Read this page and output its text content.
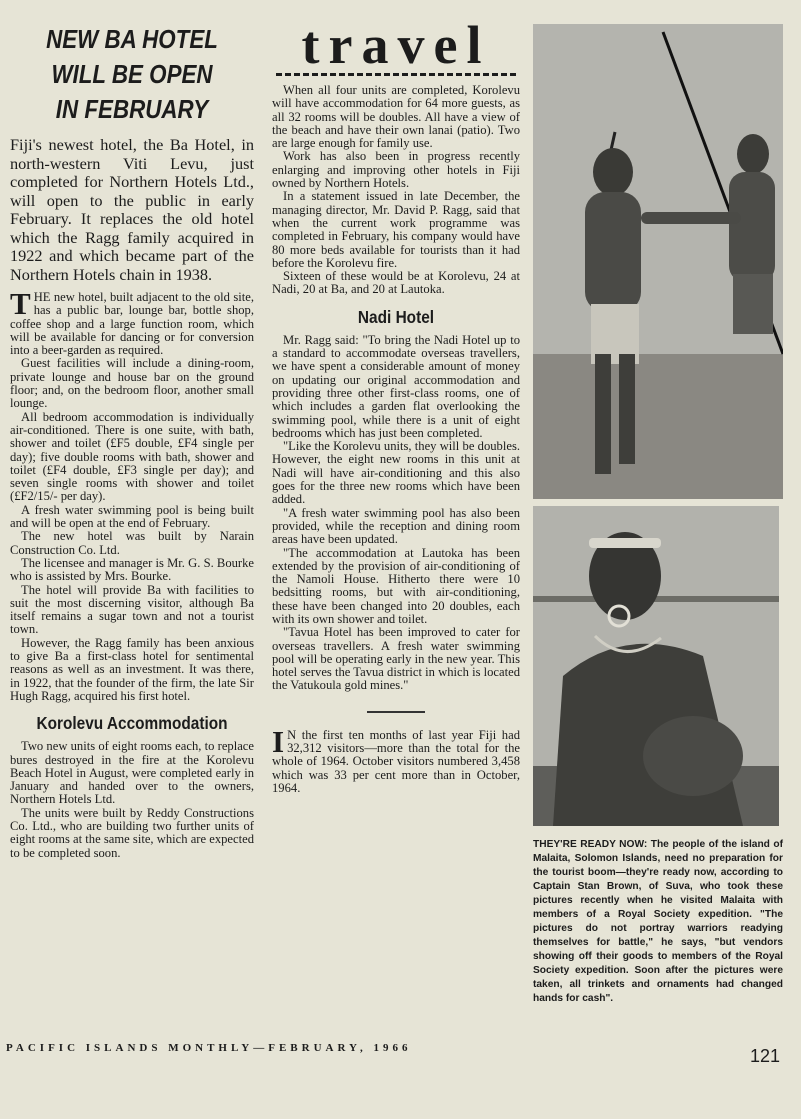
NEW BA HOTEL
WILL BE OPEN
IN FEBRUARY

Fiji's newest hotel, the Ba Hotel, in north-western Viti Levu, just completed for Northern Hotels Ltd., will open to the public in early February. It replaces the old hotel which the Ragg family acquired in 1922 and which became part of the Northern Hotels chain in 1938.

THE new hotel, built adjacent to the old site, has a public bar, lounge bar, bottle shop, coffee shop and a large function room, which will be available for dancing or for conversion into a beer-garden as required.

Guest facilities will include a dining-room, private lounge and house bar on the ground floor; and, on the bedroom floor, another small lounge.

All bedroom accommodation is individually air-conditioned. There is one suite, with bath, shower and toilet (£F5 double, £F4 single per day); five double rooms with bath, shower and toilet (£F4 double, £F3 single per day); and seven single rooms with shower and toilet (£F2/15/- per day).

A fresh water swimming pool is being built and will be open at the end of February.

The new hotel was built by Narain Construction Co. Ltd.

The licensee and manager is Mr. G. S. Bourke who is assisted by Mrs. Bourke.

The hotel will provide Ba with facilities to suit the most discerning visitor, although Ba itself remains a sugar town and not a tourist town.

However, the Ragg family has been anxious to give Ba a first-class hotel for sentimental reasons as well as an investment. It was there, in 1922, that the founder of the firm, the late Sir Hugh Ragg, acquired his first hotel.

Korolevu Accommodation

Two new units of eight rooms each, to replace bures destroyed in the fire at the Korolevu Beach Hotel in August, were completed early in January and handed over to the owners, Northern Hotels Ltd.

The units were built by Reddy Constructions Co. Ltd., who are building two further units of eight rooms at the same site, which are expected to be completed soon.

travel

When all four units are completed, Korolevu will have accommodation for 64 more guests, as all 32 rooms will be doubles. All have a view of the beach and have their own lanai (patio). Two are large enough for family use.

Work has also been in progress recently enlarging and improving other hotels in Fiji owned by Northern Hotels.

In a statement issued in late December, the managing director, Mr. David P. Ragg, said that when the current work programme was completed in February, his company would have 80 more beds available for tourists than it had before the Korolevu fire.

Sixteen of these would be at Korolevu, 24 at Nadi, 20 at Ba, and 20 at Lautoka.

Nadi Hotel

Mr. Ragg said: "To bring the Nadi Hotel up to a standard to accommodate overseas travellers, we have spent a considerable amount of money on updating our original accommodation and providing three other first-class rooms, one of which includes a garden flat overlooking the swimming pool, while there is a unit of eight bedrooms which has just been completed.

"Like the Korolevu units, they will be doubles. However, the eight new rooms in this unit at Nadi will have air-conditioning and this also goes for the three new rooms which have been added.

"A fresh water swimming pool has also been provided, while the reception and dining room areas have been updated.

"The accommodation at Lautoka has been extended by the provision of air-conditioning of the Namoli House. Hitherto there were 10 bedsitting rooms, but with air-conditioning, these have been changed into 20 doubles, each with its own shower and toilet.

"Tavua Hotel has been improved to cater for overseas travellers. A fresh water swimming pool will be operating early in the new year. This hotel serves the Tavua district in which is located the Vatukoula gold mines."

I N the first ten months of last year Fiji had 32,312 visitors—more than the total for the whole of 1964. October visitors numbered 3,458 which was 33 per cent more than in October, 1964.

THEY'RE READY NOW: The people of the island of Malaita, Solomon Islands, need no preparation for the tourist boom—they're ready now, according to Captain Stan Brown, of Suva, who took these pictures recently when he visited Malaita with members of a Royal Society expedition. "The pictures do not portray warriors readying themselves for battle," he says, "but vendors showing off their goods to members of the Royal Society expedition. Soon after the pictures were taken, all trinkets and ornaments had changed hands for cash".
PACIFIC ISLANDS MONTHLY—FEBRUARY, 1966	121
